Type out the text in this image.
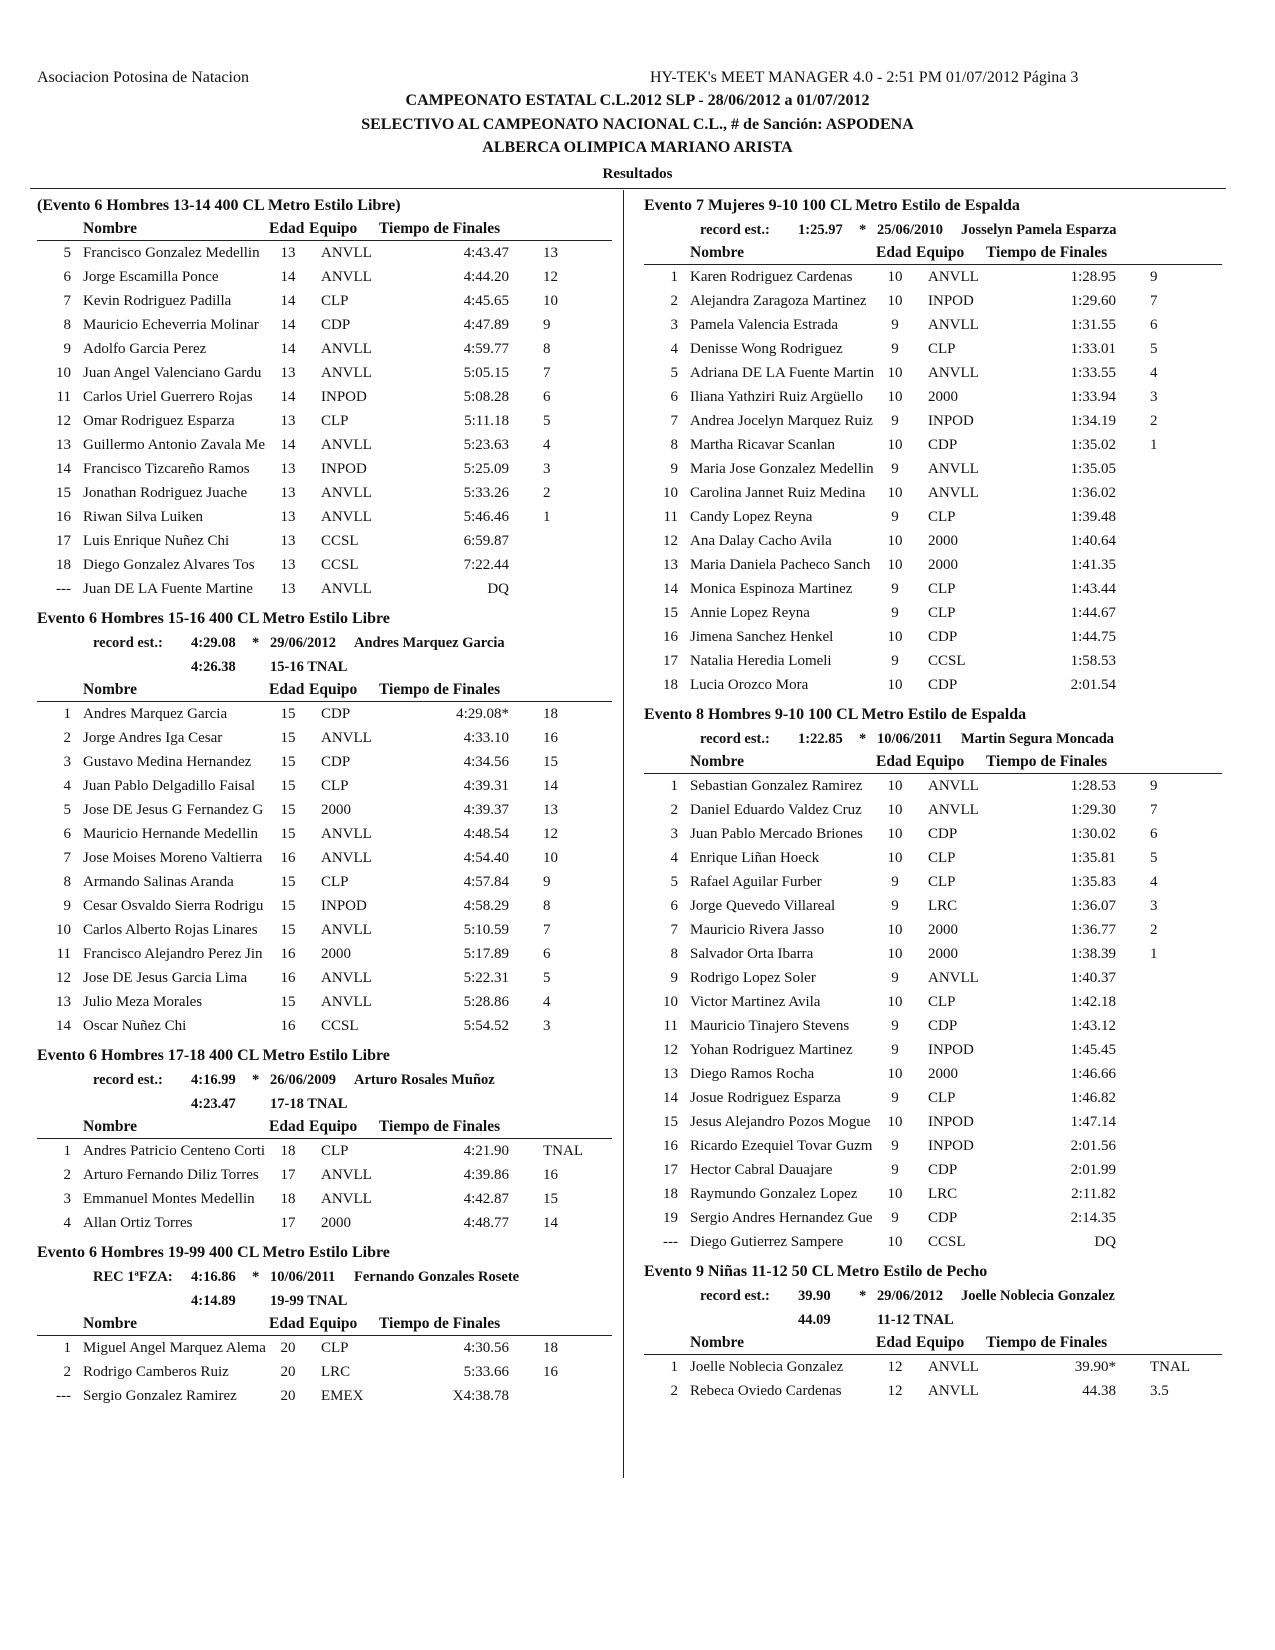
Asociacion Potosina de Natacion	HY-TEK's MEET MANAGER 4.0 - 2:51 PM 01/07/2012 Página 3
CAMPEONATO ESTATAL C.L.2012 SLP - 28/06/2012 a 01/07/2012
SELECTIVO AL CAMPEONATO NACIONAL C.L., # de Sanción: ASPODENA
ALBERCA OLIMPICA MARIANO ARISTA
Resultados
(Evento 6 Hombres 13-14 400 CL Metro Estilo Libre)
Nombre	Edad Equipo Tiempo de Finales
5 Francisco Gonzalez Medellin	13	ANVLL	4:43.47 13
6 Jorge Escamilla Ponce	14	ANVLL	4:44.20 12
7 Kevin Rodriguez Padilla	14	CLP	4:45.65 10
8 Mauricio Echeverria Molinar	14	CDP	4:47.89 9
9 Adolfo Garcia Perez	14	ANVLL	4:59.77 8
10 Juan Angel Valenciano Gardu	13	ANVLL	5:05.15 7
11 Carlos Uriel Guerrero Rojas	14	INPOD	5:08.28 6
12 Omar Rodriguez Esparza	13	CLP	5:11.18 5
13 Guillermo Antonio Zavala Me	14	ANVLL	5:23.63 4
14 Francisco Tizcareño Ramos	13	INPOD	5:25.09 3
15 Jonathan Rodriguez Juache	13	ANVLL	5:33.26 2
16 Riwan Silva Luiken	13	ANVLL	5:46.46 1
17 Luis Enrique Nuñez Chi	13	CCSL	6:59.87
18 Diego Gonzalez Alvares Tos	13	CCSL	7:22.44
--- Juan DE LA Fuente Martine	13	ANVLL	DQ
Evento 6 Hombres 15-16 400 CL Metro Estilo Libre
record est.: 4:29.08 * 29/06/2012 Andres Marquez Garcia
4:26.38 15-16 TNAL
Nombre	Edad Equipo Tiempo de Finales
1 Andres Marquez Garcia	15	CDP	4:29.08* 18
2 Jorge Andres Iga Cesar	15	ANVLL	4:33.10 16
3 Gustavo Medina Hernandez	15	CDP	4:34.56 15
4 Juan Pablo Delgadillo Faisal	15	CLP	4:39.31 14
5 Jose DE Jesus G Fernandez G	15	2000	4:39.37 13
6 Mauricio Hernande Medellin	15	ANVLL	4:48.54 12
7 Jose Moises Moreno Valtierra	16	ANVLL	4:54.40 10
8 Armando Salinas Aranda	15	CLP	4:57.84 9
9 Cesar Osvaldo Sierra Rodrigu	15	INPOD	4:58.29 8
10 Carlos Alberto Rojas Linares	15	ANVLL	5:10.59 7
11 Francisco Alejandro Perez Jin	16	2000	5:17.89 6
12 Jose DE Jesus Garcia Lima	16	ANVLL	5:22.31 5
13 Julio Meza Morales	15	ANVLL	5:28.86 4
14 Oscar Nuñez Chi	16	CCSL	5:54.52 3
Evento 6 Hombres 17-18 400 CL Metro Estilo Libre
record est.: 4:16.99 * 26/06/2009 Arturo Rosales Muñoz
4:23.47 17-18 TNAL
Nombre	Edad Equipo Tiempo de Finales
1 Andres Patricio Centeno Corti	18	CLP	4:21.90 TNAL
2 Arturo Fernando Diliz Torres	17	ANVLL	4:39.86 16
3 Emmanuel Montes Medellin	18	ANVLL	4:42.87 15
4 Allan Ortiz Torres	17	2000	4:48.77 14
Evento 6 Hombres 19-99 400 CL Metro Estilo Libre
REC 1ªFZA: 4:16.86 * 10/06/2011 Fernando Gonzales Rosete
4:14.89 19-99 TNAL
Nombre	Edad Equipo Tiempo de Finales
1 Miguel Angel Marquez Alema 20	CLP	4:30.56 18
2 Rodrigo Camberos Ruiz	20	LRC	5:33.66 16
--- Sergio Gonzalez Ramirez	20	EMEX	X4:38.78
Evento 7 Mujeres 9-10 100 CL Metro Estilo de Espalda
record est.: 1:25.97 * 25/06/2010 Josselyn Pamela Esparza
Nombre	Edad Equipo Tiempo de Finales
1 Karen Rodriguez Cardenas	10	ANVLL	1:28.95 9
2 Alejandra Zaragoza Martinez	10	INPOD	1:29.60 7
3 Pamela Valencia Estrada	9	ANVLL	1:31.55 6
4 Denisse Wong Rodriguez	9	CLP	1:33.01 5
5 Adriana DE LA Fuente Martin 10	ANVLL	1:33.55 4
6 Iliana Yathziri Ruiz Argüello	10	2000	1:33.94 3
7 Andrea Jocelyn Marquez Ruiz	9	INPOD	1:34.19 2
8 Martha Ricavar Scanlan	10	CDP	1:35.02 1
9 Maria Jose Gonzalez Medellin	9	ANVLL	1:35.05
10 Carolina Jannet Ruiz Medina	10	ANVLL	1:36.02
11 Candy Lopez Reyna	9	CLP	1:39.48
12 Ana Dalay Cacho Avila	10	2000	1:40.64
13 Maria Daniela Pacheco Sanch	10	2000	1:41.35
14 Monica Espinoza Martinez	9	CLP	1:43.44
15 Annie Lopez Reyna	9	CLP	1:44.67
16 Jimena Sanchez Henkel	10	CDP	1:44.75
17 Natalia Heredia Lomeli	9	CCSL	1:58.53
18 Lucia Orozco Mora	10	CDP	2:01.54
Evento 8 Hombres 9-10 100 CL Metro Estilo de Espalda
record est.: 1:22.85 * 10/06/2011 Martin Segura Moncada
Nombre	Edad Equipo Tiempo de Finales
1 Sebastian Gonzalez Ramirez	10	ANVLL	1:28.53 9
2 Daniel Eduardo Valdez Cruz	10	ANVLL	1:29.30 7
3 Juan Pablo Mercado Briones	10	CDP	1:30.02 6
4 Enrique Liñan Hoeck	10	CLP	1:35.81 5
5 Rafael Aguilar Furber	9	CLP	1:35.83 4
6 Jorge Quevedo Villareal	9	LRC	1:36.07 3
7 Mauricio Rivera Jasso	10	2000	1:36.77 2
8 Salvador Orta Ibarra	10	2000	1:38.39 1
9 Rodrigo Lopez Soler	9	ANVLL	1:40.37
10 Victor Martinez Avila	10	CLP	1:42.18
11 Mauricio Tinajero Stevens	9	CDP	1:43.12
12 Yohan Rodriguez Martinez	9	INPOD	1:45.45
13 Diego Ramos Rocha	10	2000	1:46.66
14 Josue Rodriguez Esparza	9	CLP	1:46.82
15 Jesus Alejandro Pozos Mogue	10	INPOD	1:47.14
16 Ricardo Ezequiel Tovar Guzm	9	INPOD	2:01.56
17 Hector Cabral Dauajare	9	CDP	2:01.99
18 Raymundo Gonzalez Lopez	10	LRC	2:11.82
19 Sergio Andres Hernandez Gue	9	CDP	2:14.35
--- Diego Gutierrez Sampere	10	CCSL	DQ
Evento 9 Niñas 11-12 50 CL Metro Estilo de Pecho
record est.: 39.90 * 29/06/2012 Joelle Noblecia Gonzalez
44.09	11-12 TNAL
Nombre	Edad Equipo Tiempo de Finales
1 Joelle Noblecia Gonzalez	12	ANVLL	39.90* TNAL
2 Rebeca Oviedo Cardenas	12	ANVLL	44.38 3.5
